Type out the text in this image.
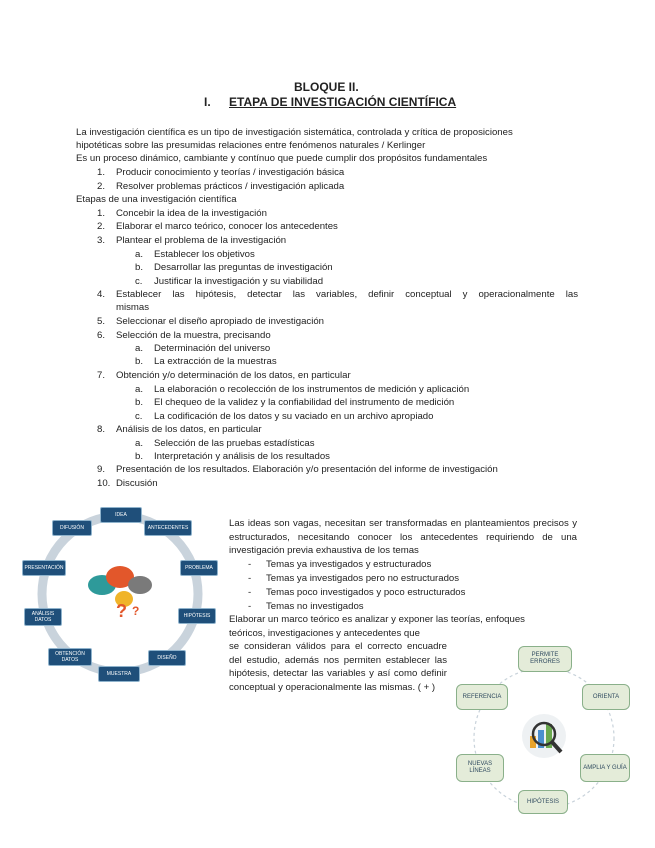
BLOQUE II.
I. ETAPA DE INVESTIGACIÓN CIENTÍFICA
La investigación científica es un tipo de investigación sistemática, controlada y crítica de proposiciones
hipotéticas sobre las presumidas relaciones entre fenómenos naturales / Kerlinger
Es un proceso dinámico, cambiante y contínuo que puede cumplir dos propósitos fundamentales
1. Producir conocimiento y teorías / investigación básica
2. Resolver problemas prácticos / investigación aplicada
Etapas de una investigación científica
1. Concebir la idea de la investigación
2. Elaborar el marco teórico, conocer los antecedentes
3. Plantear el problema de la investigación
4. Establecer las hipótesis, detectar las variables, definir conceptual y operacionalmente las
5. Seleccionar el diseño apropiado de investigación
6. Selección de la muestra, precisando
7. Obtención y/o determinación de los datos, en particular
8. Análisis de los datos, en particular
9. Presentación de los resultados. Elaboración y/o presentación del informe de investigación
10. Discusión
a. Establecer los objetivos
b. Desarrollar las preguntas de investigación
c. Justificar la investigación y su viabilidad
a. Determinación del universo
b. La extracción de la muestras
a. La elaboración o recolección de los instrumentos de medición y aplicación
b. El chequeo de la validez y la confiabilidad del instrumento de medición
c. La codificación de los datos y su vaciado en un archivo apropiado
a. Selección de las pruebas estadísticas
b. Interpretación y análisis de los resultados
mismas
? ?
IDEA
ANTECEDENTES
PROBLEMA
HIPÓTESIS
DISEÑO
MUESTRA
OBTENCIÓN DATOS
ANÁLISIS DATOS
PRESENTACIÓN
DIFUSIÓN	Las ideas son vagas, necesitan ser transformadas en planteamientos precisos y estructurados, necesitando conocer los antecedentes requiriendo de una investigación previa exhaustiva de los temas
- Temas ya investigados y estructurados
- Temas ya investigados pero no estructurados
- Temas poco investigados y poco estructurados
- Temas no investigados
Elaborar un marco teórico es analizar y exponer las teorías, enfoques
teóricos, investigaciones y antecedentes que
se consideran válidos para el correcto encuadre del estudio, además nos permiten establecer las hipótesis, detectar las variables y así como definir conceptual y operacionalmente las mismas. ( + )
PERMITE ERRORES
ORIENTA
AMPLIA Y GUÍA
HIPÓTESIS
NUEVAS LÍNEAS
REFERENCIA
